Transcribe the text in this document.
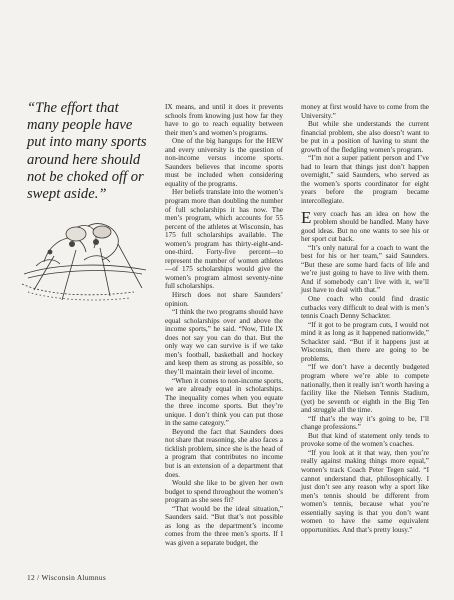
“The effort that many people have put into many sports around here should not be choked off or swept aside.”

IX means, and until it does it prevents schools from knowing just how far they have to go to reach equality between their men’s and women’s programs.

One of the big hangups for the HEW and every university is the question of non-income versus income sports. Saunders believes that income sports must be included when considering equality of the programs.

Her beliefs translate into the women’s program more than doubling the number of full scholarships it has now. The men’s program, which accounts for 55 percent of the athletes at Wisconsin, has 175 full scholarships available. The women’s program has thirty-eight-and-one-third. Forty-five percent—to represent the number of women athletes—of 175 scholarships would give the women’s program almost seventy-nine full scholarships.

Hirsch does not share Saunders’ opinion.

“I think the two programs should have equal scholarships over and above the income sports,” he said. “Now, Title IX does not say you can do that. But the only way we can survive is if we take men’s football, basketball and hockey and keep them as strong as possible, so they’ll maintain their level of income.

“When it comes to non-income sports, we are already equal in scholarships. The inequality comes when you equate the three income sports. But they’re unique. I don’t think you can put those in the same category.”

Beyond the fact that Saunders does not share that reasoning, she also faces a ticklish problem, since she is the head of a program that contributes no income but is an extension of a department that does.

Would she like to be given her own budget to spend throughout the women’s program as she sees fit?

“That would be the ideal situation,” Saunders said. “But that’s not possible as long as the department’s income comes from the three men’s sports. If I was given a separate budget, the

money at first would have to come from the University.”

But while she understands the current financial problem, she also doesn’t want to be put in a position of having to stunt the growth of the fledgling women’s program.

“I’m not a super patient person and I’ve had to learn that things just don’t happen overnight,” said Saunders, who served as the women’s sports coordinator for eight years before the program became intercollegiate.

Every coach has an idea on how the problem should be handled. Many have good ideas. But no one wants to see his or her sport cut back.

“It’s only natural for a coach to want the best for his or her team,” said Saunders. “But these are some hard facts of life and we’re just going to have to live with them. And if somebody can’t live with it, we’ll just have to deal with that.”

One coach who could find drastic cutbacks very difficult to deal with is men’s tennis Coach Denny Schackter.

“If it got to be program cuts, I would not mind it as long as it happened nationwide,” Schackter said. “But if it happens just at Wisconsin, then there are going to be problems.

“If we don’t have a decently budgeted program where we’re able to compete nationally, then it really isn’t worth having a facility like the Nielsen Tennis Stadium, (yet) be seventh or eighth in the Big Ten and struggle all the time.

“If that’s the way it’s going to be, I’ll change professions.”

But that kind of statement only tends to provoke some of the women’s coaches.

“If you look at it that way, then you’re really against making things more equal,” women’s track Coach Peter Tegen said. “I cannot understand that, philosophically. I just don’t see any reason why a sport like men’s tennis should be different from women’s tennis, because what you’re essentially saying is that you don’t want women to have the same equivalent opportunities. And that’s pretty lousy.”

12 / Wisconsin Alumnus
